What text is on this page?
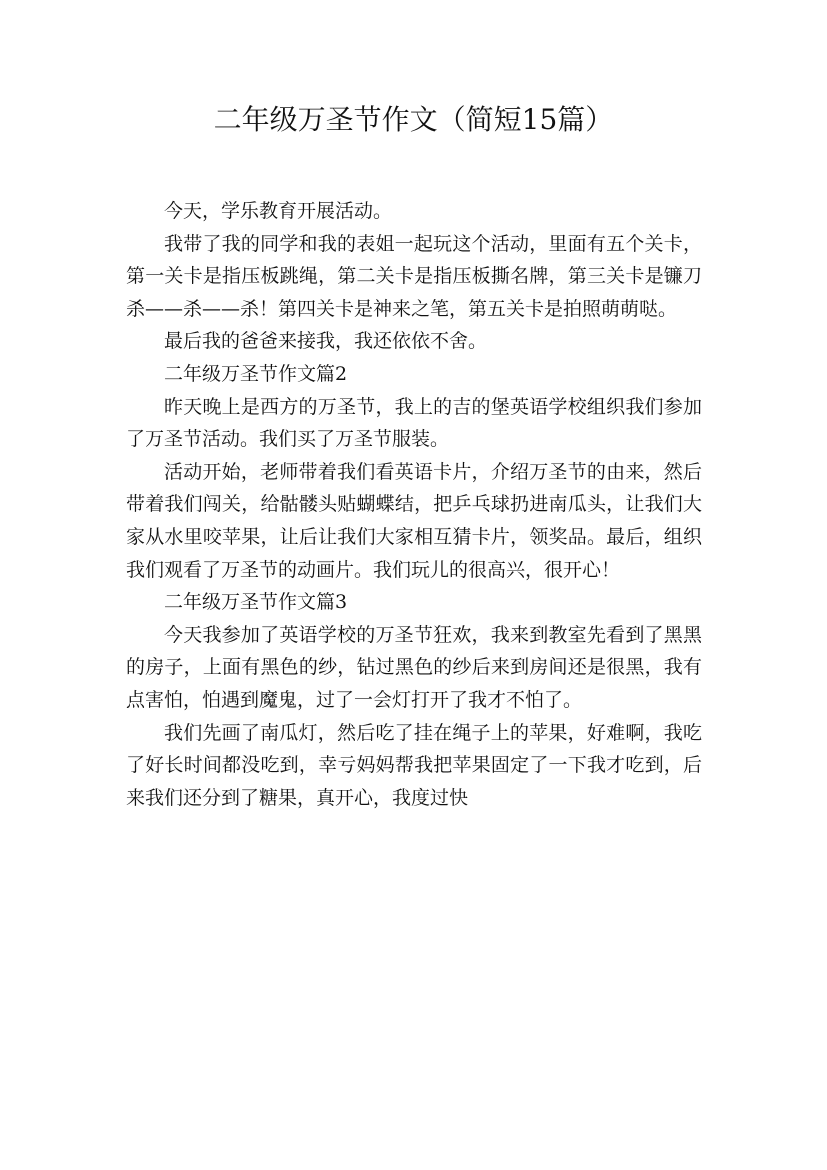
二年级万圣节作文（简短15篇）

今天，学乐教育开展活动。

我带了我的同学和我的表姐一起玩这个活动，里面有五个关卡，第一关卡是指压板跳绳，第二关卡是指压板撕名牌，第三关卡是镰刀杀——杀——杀！第四关卡是神来之笔，第五关卡是拍照萌萌哒。

最后我的爸爸来接我，我还依依不舍。

二年级万圣节作文篇2

昨天晚上是西方的万圣节，我上的吉的堡英语学校组织我们参加了万圣节活动。我们买了万圣节服装。

活动开始，老师带着我们看英语卡片，介绍万圣节的由来，然后带着我们闯关，给骷髅头贴蝴蝶结，把乒乓球扔进南瓜头，让我们大家从水里咬苹果，让后让我们大家相互猜卡片，领奖品。最后，组织我们观看了万圣节的动画片。我们玩儿的很高兴，很开心！

二年级万圣节作文篇3

今天我参加了英语学校的万圣节狂欢，我来到教室先看到了黑黑的房子，上面有黑色的纱，钻过黑色的纱后来到房间还是很黑，我有点害怕，怕遇到魔鬼，过了一会灯打开了我才不怕了。

我们先画了南瓜灯，然后吃了挂在绳子上的苹果，好难啊，我吃了好长时间都没吃到，幸亏妈妈帮我把苹果固定了一下我才吃到，后来我们还分到了糖果，真开心，我度过快
